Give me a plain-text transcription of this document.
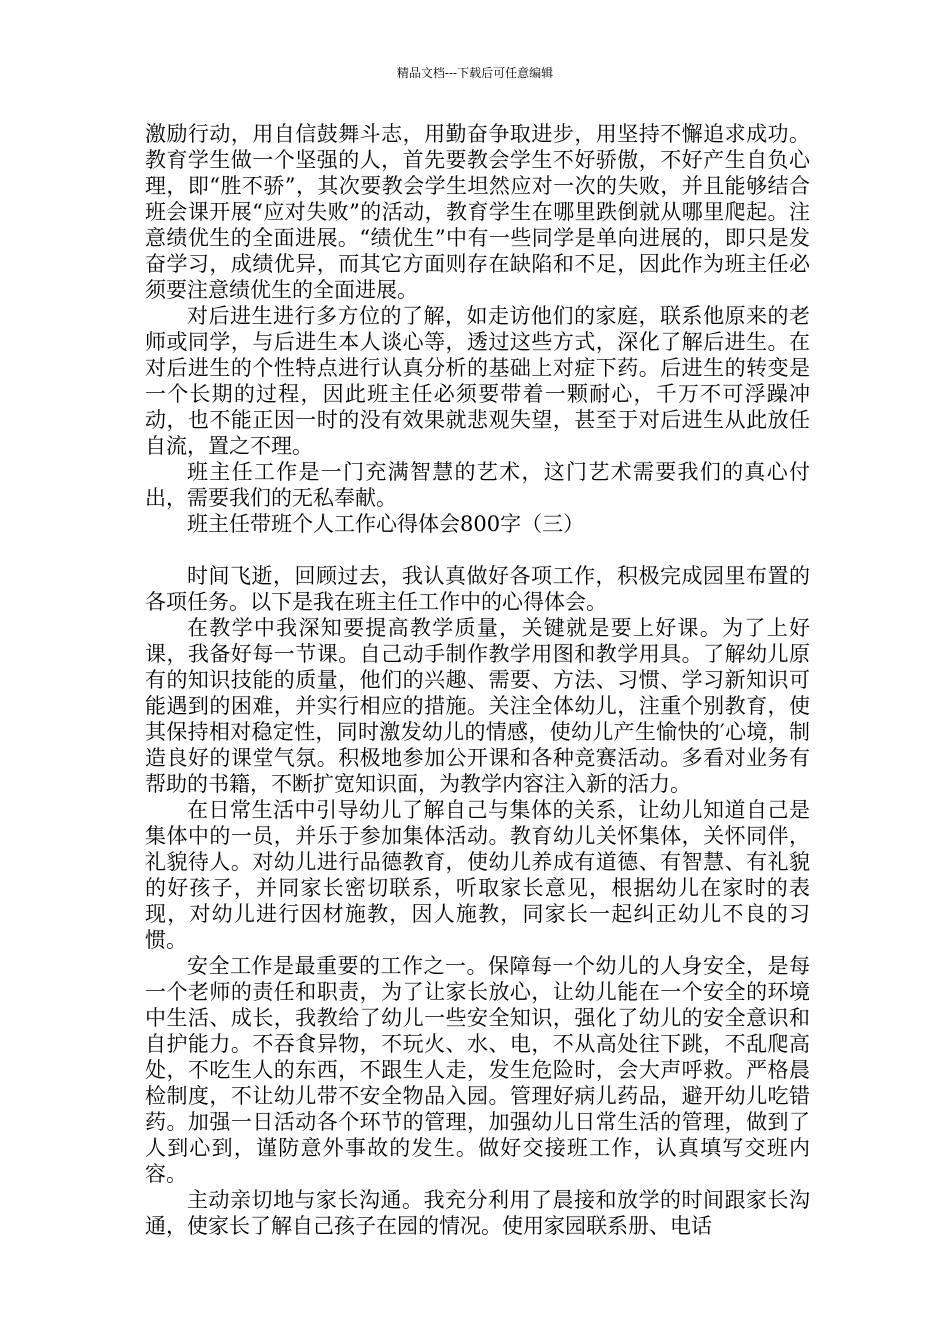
精品文档---下载后可任意编辑

激励行动，用自信鼓舞斗志，用勤奋争取进步，用坚持不懈追求成功。教育学生做一个坚强的人，首先要教会学生不好骄傲，不好产生自负心理，即“胜不骄”，其次要教会学生坦然应对一次的失败，并且能够结合班会课开展“应对失败”的活动，教育学生在哪里跌倒就从哪里爬起。注意绩优生的全面进展。“绩优生”中有一些同学是单向进展的，即只是发奋学习，成绩优异，而其它方面则存在缺陷和不足，因此作为班主任必须要注意绩优生的全面进展。

对后进生进行多方位的了解，如走访他们的家庭，联系他原来的老师或同学，与后进生本人谈心等，透过这些方式，深化了解后进生。在对后进生的个性特点进行认真分析的基础上对症下药。后进生的转变是一个长期的过程，因此班主任必须要带着一颗耐心，千万不可浮躁冲动，也不能正因一时的没有效果就悲观失望，甚至于对后进生从此放任自流，置之不理。

班主任工作是一门充满智慧的艺术，这门艺术需要我们的真心付出，需要我们的无私奉献。

班主任带班个人工作心得体会800字（三）

时间飞逝，回顾过去，我认真做好各项工作，积极完成园里布置的各项任务。以下是我在班主任工作中的心得体会。

在教学中我深知要提高教学质量，关键就是要上好课。为了上好课，我备好每一节课。自己动手制作教学用图和教学用具。了解幼儿原有的知识技能的质量，他们的兴趣、需要、方法、习惯、学习新知识可能遇到的困难，并实行相应的措施。关注全体幼儿，注重个别教育，使其保持相对稳定性，同时激发幼儿的情感，使幼儿产生愉快的′心境，制造良好的课堂气氛。积极地参加公开课和各种竞赛活动。多看对业务有帮助的书籍，不断扩宽知识面，为教学内容注入新的活力。

在日常生活中引导幼儿了解自己与集体的关系，让幼儿知道自己是集体中的一员，并乐于参加集体活动。教育幼儿关怀集体，关怀同伴，礼貌待人。对幼儿进行品德教育，使幼儿养成有道德、有智慧、有礼貌的好孩子，并同家长密切联系，听取家长意见，根据幼儿在家时的表现，对幼儿进行因材施教，因人施教，同家长一起纠正幼儿不良的习惯。

安全工作是最重要的工作之一。保障每一个幼儿的人身安全，是每一个老师的责任和职责，为了让家长放心，让幼儿能在一个安全的环境中生活、成长，我教给了幼儿一些安全知识，强化了幼儿的安全意识和自护能力。不吞食异物，不玩火、水、电，不从高处往下跳，不乱爬高处，不吃生人的东西，不跟生人走，发生危险时，会大声呼救。严格晨检制度，不让幼儿带不安全物品入园。管理好病儿药品，避开幼儿吃错药。加强一日活动各个环节的管理，加强幼儿日常生活的管理，做到了人到心到，谨防意外事故的发生。做好交接班工作，认真填写交班内容。

主动亲切地与家长沟通。我充分利用了晨接和放学的时间跟家长沟通，使家长了解自己孩子在园的情况。使用家园联系册、电话
